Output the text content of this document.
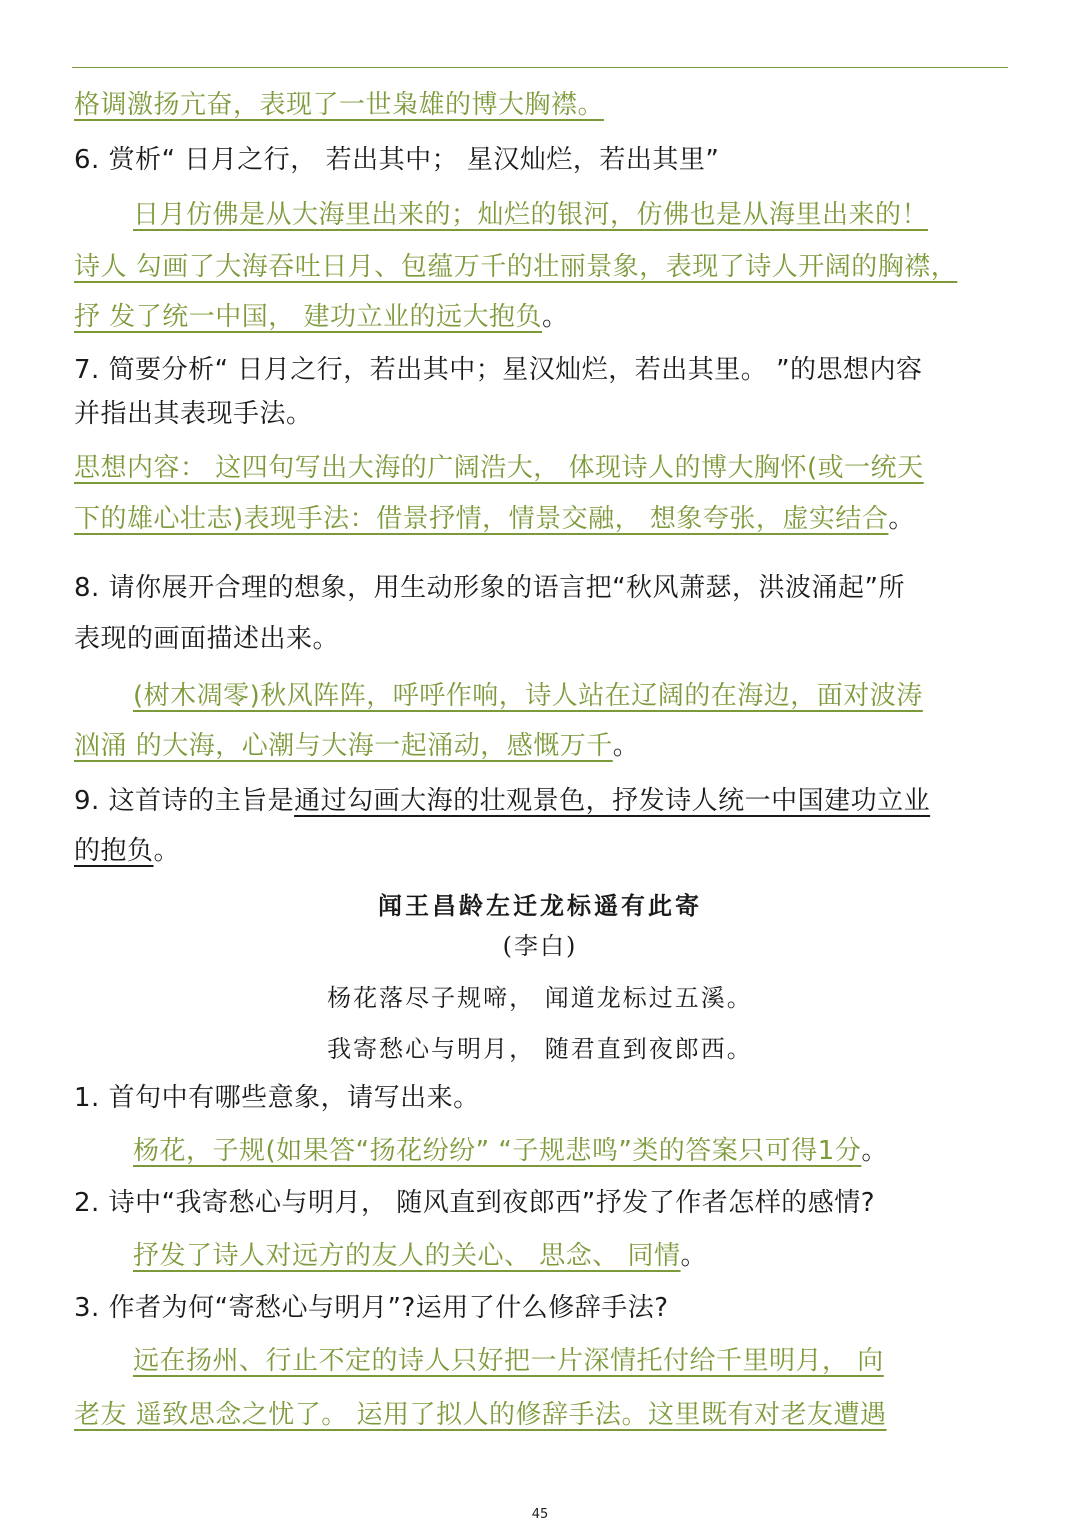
格调激扬亢奋，表现了一世枭雄的博大胸襟。
6. 赏析“ 日月之行， 若出其中； 星汉灿烂，若出其里”
日月仿佛是从大海里出来的；灿烂的银河，仿佛也是从海里出来的！
诗人 勾画了大海吞吐日月、包蕴万千的壮丽景象，表现了诗人开阔的胸襟，
抒 发了统一中国， 建功立业的远大抱负。
7. 简要分析“ 日月之行，若出其中；星汉灿烂，若出其里。 ”的思想内容
并指出其表现手法。
思想内容： 这四句写出大海的广阔浩大， 体现诗人的博大胸怀(或一统天
下的雄心壮志)表现手法：借景抒情，情景交融， 想象夸张，虚实结合。
8. 请你展开合理的想象，用生动形象的语言把“秋风萧瑟，洪波涌起”所
表现的画面描述出来。
(树木凋零)秋风阵阵，呼呼作响，诗人站在辽阔的在海边，面对波涛
汹涌 的大海，心潮与大海一起涌动，感慨万千。
9. 这首诗的主旨是通过勾画大海的壮观景色，抒发诗人统一中国建功立业
的抱负。
闻王昌龄左迁龙标遥有此寄
(李白)
杨花落尽子规啼， 闻道龙标过五溪。
我寄愁心与明月， 随君直到夜郎西。
1. 首句中有哪些意象，请写出来。
杨花，子规(如果答“扬花纷纷” “子规悲鸣”类的答案只可得1分。
2. 诗中“我寄愁心与明月， 随风直到夜郎西”抒发了作者怎样的感情?
抒发了诗人对远方的友人的关心、 思念、 同情。
3. 作者为何“寄愁心与明月”?运用了什么修辞手法?
远在扬州、行止不定的诗人只好把一片深情托付给千里明月， 向
老友 遥致思念之忧了。 运用了拟人的修辞手法。这里既有对老友遭遇
45
